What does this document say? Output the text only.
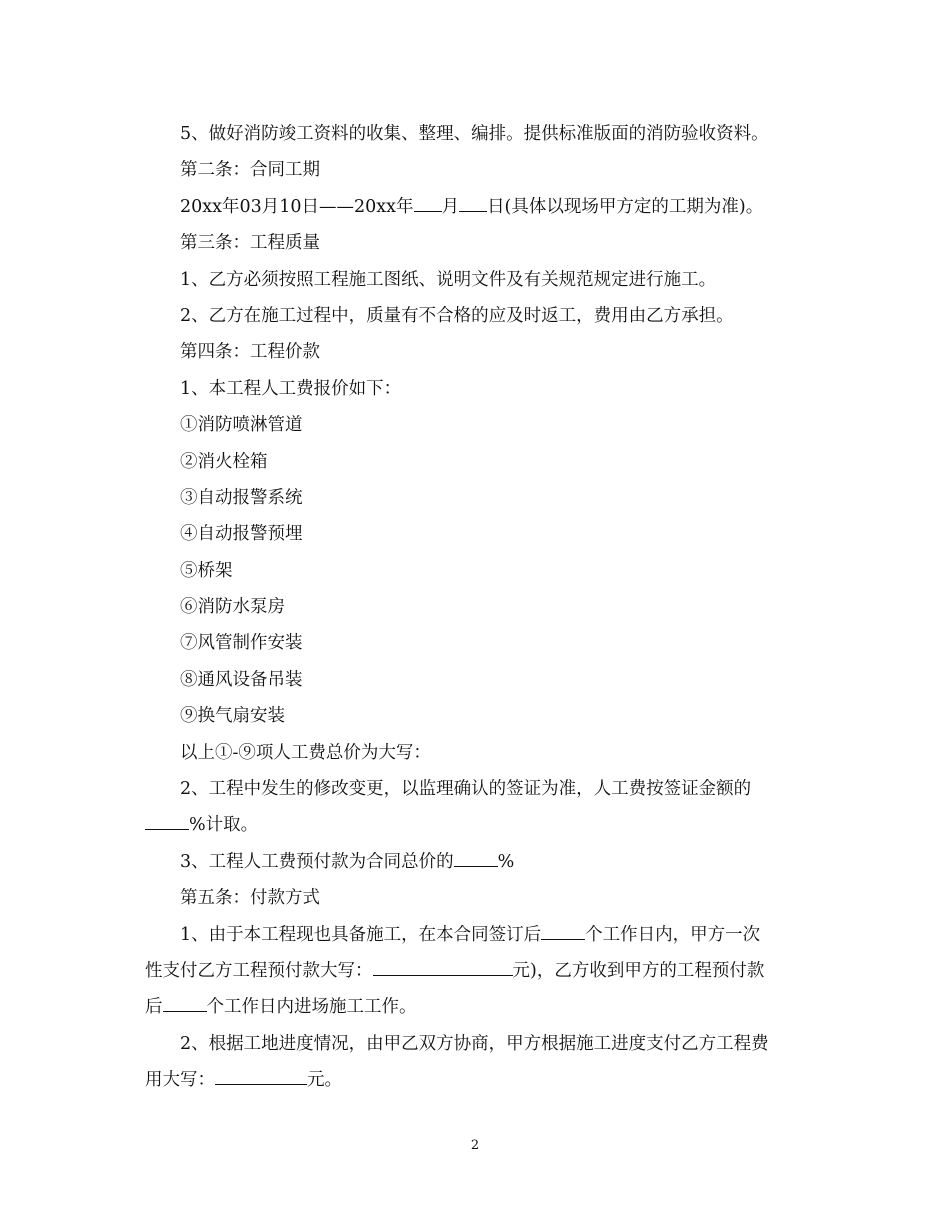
5、做好消防竣工资料的收集、整理、编排。提供标准版面的消防验收资料。

第二条：合同工期

20xx年03月10日——20xx年 月 日(具体以现场甲方定的工期为准)。

第三条：工程质量

1、乙方必须按照工程施工图纸、说明文件及有关规范规定进行施工。

2、乙方在施工过程中，质量有不合格的应及时返工，费用由乙方承担。

第四条：工程价款

1、本工程人工费报价如下：

①消防喷淋管道

②消火栓箱

③自动报警系统

④自动报警预埋

⑤桥架

⑥消防水泵房

⑦风管制作安装

⑧通风设备吊装

⑨换气扇安装

以上①-⑨项人工费总价为大写：

2、工程中发生的修改变更，以监理确认的签证为准，人工费按签证金额的

%计取。

3、工程人工费预付款为合同总价的	%

第五条：付款方式

1、由于本工程现也具备施工，在本合同签订后	个工作日内，甲方一次

性支付乙方工程预付款大写：	元)，乙方收到甲方的工程预付款

后	个工作日内进场施工工作。

2、根据工地进度情况，由甲乙双方协商，甲方根据施工进度支付乙方工程费

用大写：	元。

2
